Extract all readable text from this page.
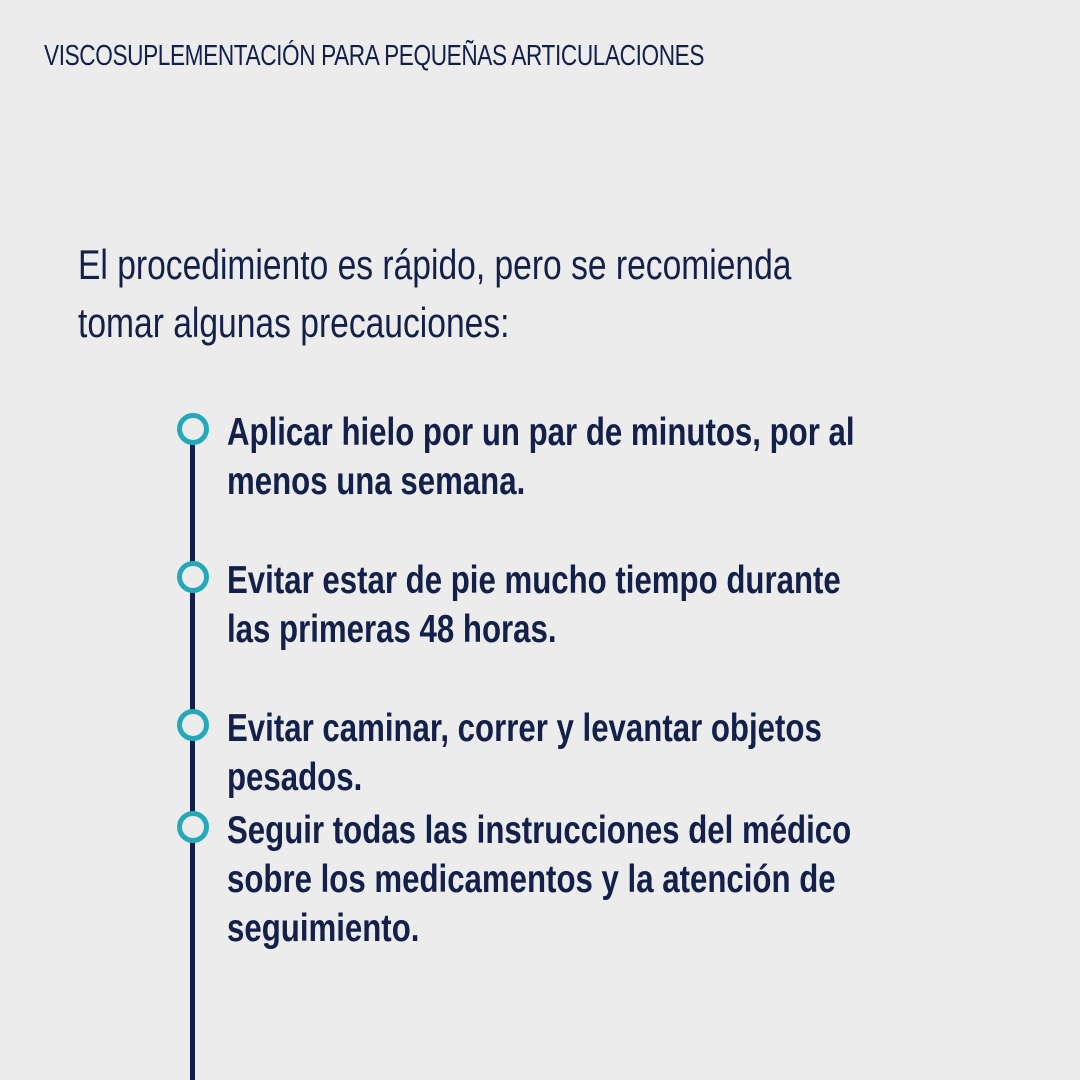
VISCOSUPLEMENTACIÓN PARA PEQUEÑAS ARTICULACIONES
El procedimiento es rápido, pero se recomienda tomar algunas precauciones:
Aplicar hielo por un par de minutos, por al menos una semana.
Evitar estar de pie mucho tiempo durante las primeras 48 horas.
Evitar caminar, correr y levantar objetos pesados.
Seguir todas las instrucciones del médico sobre los medicamentos y la atención de seguimiento.
